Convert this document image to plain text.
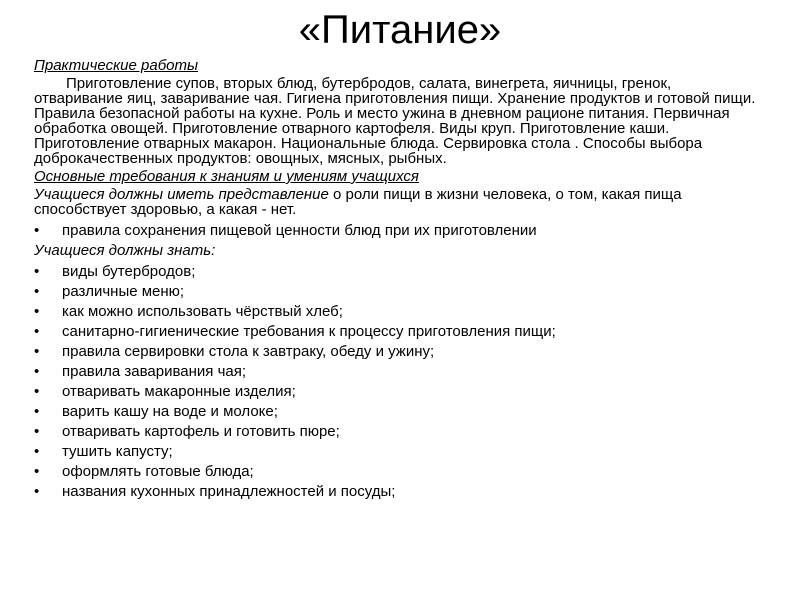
«Питание»

Практические работы

Приготовление супов, вторых блюд, бутербродов, салата, винегрета, яичницы, гренок, отваривание яиц, заваривание чая. Гигиена приготовления пищи. Хранение продуктов и готовой пищи. Правила безопасной работы на кухне. Роль и место ужина в дневном рационе питания. Первичная обработка овощей. Приготовление отварного картофеля. Виды круп. Приготовление каши. Приготовление отварных макарон. Национальные блюда. Сервировка стола . Способы выбора доброкачественных продуктов: овощных, мясных, рыбных.

Основные требования к знаниям и умениям учащихся

Учащиеся должны иметь представление о роли пищи в жизни человека, о том, какая пища способствует здоровью, а какая - нет.

• правила сохранения пищевой ценности блюд при их приготовлении

Учащиеся должны знать:

• виды бутербродов;
• различные меню;
• как можно использовать чёрствый хлеб;
• санитарно-гигиенические требования к процессу приготовления пищи;
• правила сервировки стола к завтраку, обеду и ужину;
• правила заваривания чая;
• отваривать макаронные изделия;
• варить кашу на воде и молоке;
• отваривать картофель и готовить пюре;
• тушить капусту;
• оформлять готовые блюда;
• названия кухонных принадлежностей и посуды;
